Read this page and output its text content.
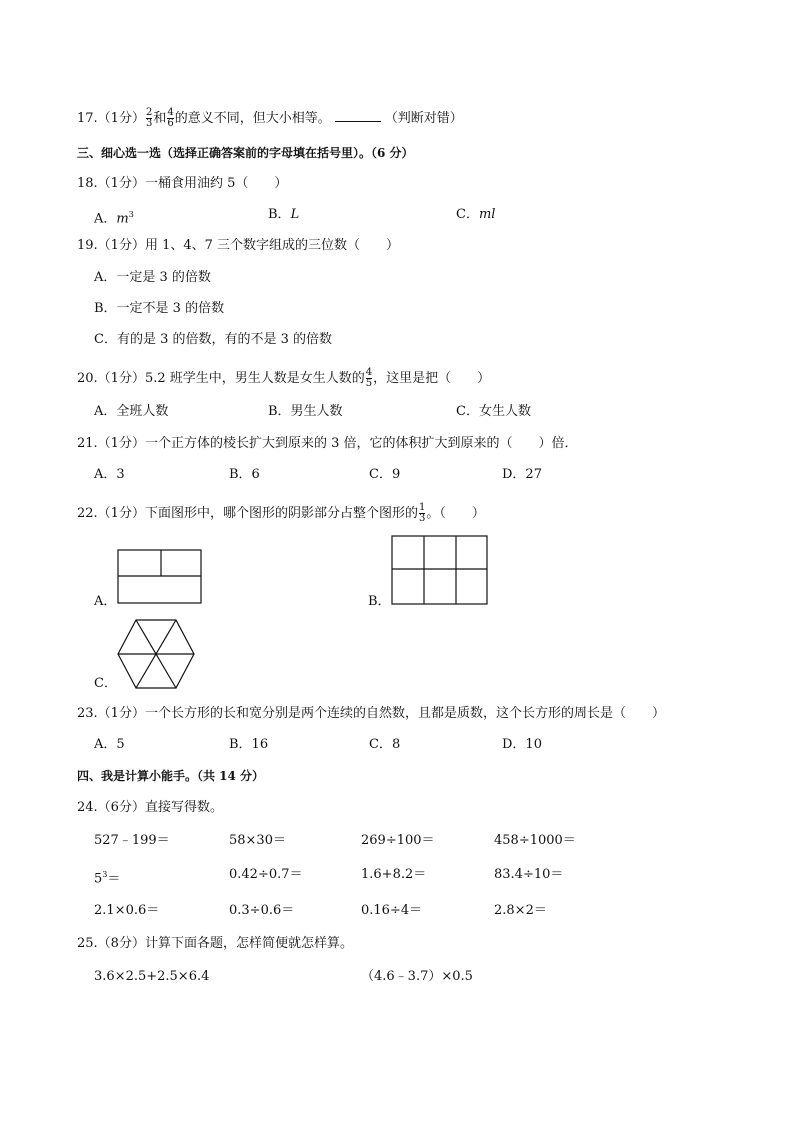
17.（1分） $\frac{2}{3}$ 和 $\frac{4}{6}$ 的意义不同，但大小相等。	（判断对错）
三、细心选一选（选择正确答案前的字母填在括号里）。（6 分）
18.（1分）一桶食用油约 5（　　）
A．$m^3$	B．L	C．ml
19.（1分）用 1、4、7 三个数字组成的三位数（　　）
A．一定是 3 的倍数
B．一定不是 3 的倍数
C．有的是 3 的倍数，有的不是 3 的倍数
20.（1分）5.2 班学生中，男生人数是女生人数的 $\frac{4}{5}$ ，这里是把（　　）
A．全班人数	B．男生人数	C．女生人数
21.（1分）一个正方体的棱长扩大到原来的 3 倍，它的体积扩大到原来的（　　）倍．
A．3	B．6	C．9	D．27
22.（1分）下面图形中，哪个图形的阴影部分占整个图形的 $\frac{1}{3}$ 。（　　）
A．	B．
C．
23.（1分）一个长方形的长和宽分别是两个连续的自然数，且都是质数，这个长方形的周长是（　　）
A．5	B．16	C．8	D．10
四、我是计算小能手。（共 14 分）
24.（6分）直接写得数。
527﹣199＝	58×30＝	269÷100＝	458÷1000＝
$5^3=$	0.42÷0.7＝	1.6+8.2＝	83.4÷10＝
2.1×0.6＝	0.3÷0.6＝	0.16÷4＝	2.8×2＝
25.（8分）计算下面各题，怎样简便就怎样算。
3.6×2.5+2.5×6.4	（4.6﹣3.7）×0.5
